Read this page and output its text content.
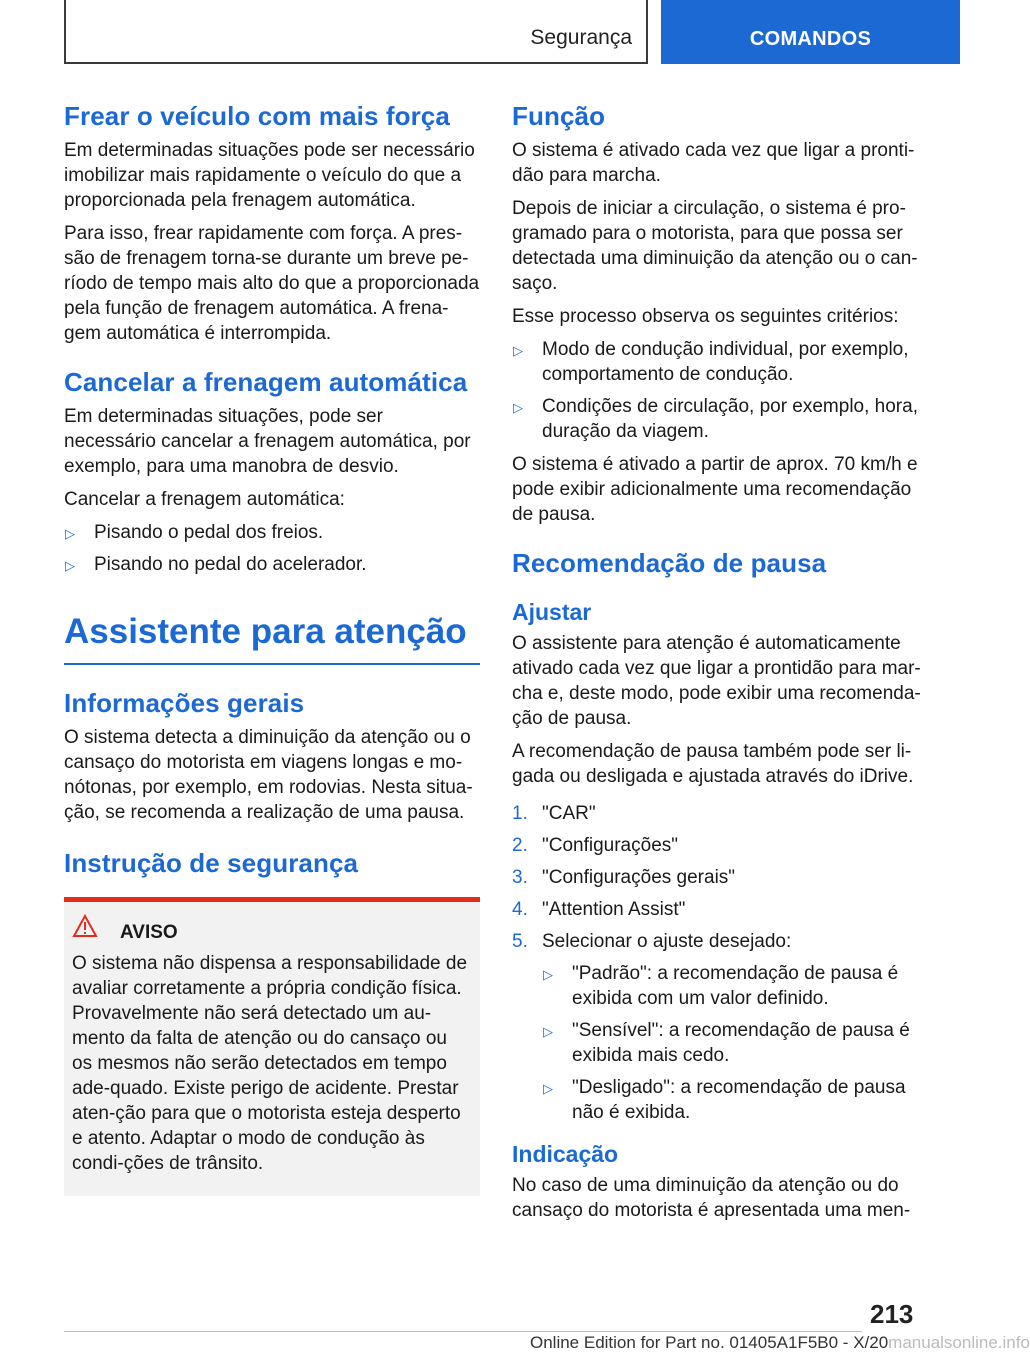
Segurança	COMANDOS
Frear o veículo com mais força

Em determinadas situações pode ser necessário imobilizar mais rapidamente o veículo do que a proporcionada pela frenagem automática.

Para isso, frear rapidamente com força. A pres-são de frenagem torna-se durante um breve pe-ríodo de tempo mais alto do que a proporcionada pela função de frenagem automática. A frena-gem automática é interrompida.

Cancelar a frenagem automática

Em determinadas situações, pode ser necessário cancelar a frenagem automática, por exemplo, para uma manobra de desvio.

Cancelar a frenagem automática:

▷ Pisando o pedal dos freios.
▷ Pisando no pedal do acelerador.
Assistente para atenção
Informações gerais

O sistema detecta a diminuição da atenção ou o cansaço do motorista em viagens longas e mo-nótonas, por exemplo, em rodovias. Nesta situa-ção, se recomenda a realização de uma pausa.

Instrução de segurança
AVISO

O sistema não dispensa a responsabilidade de avaliar corretamente a própria condição física. Provavelmente não será detectado um au-mento da falta de atenção ou do cansaço ou os mesmos não serão detectados em tempo ade-quado. Existe perigo de acidente. Prestar aten-ção para que o motorista esteja desperto e atento. Adaptar o modo de condução às condi-ções de trânsito.

Função

O sistema é ativado cada vez que ligar a pronti-dão para marcha.

Depois de iniciar a circulação, o sistema é pro-gramado para o motorista, para que possa ser detectada uma diminuição da atenção ou o can-saço.

Esse processo observa os seguintes critérios:

▷ Modo de condução individual, por exemplo, comportamento de condução.
▷ Condições de circulação, por exemplo, hora, duração da viagem.

O sistema é ativado a partir de aprox. 70 km/h e pode exibir adicionalmente uma recomendação de pausa.

Recomendação de pausa
Ajustar

O assistente para atenção é automaticamente ativado cada vez que ligar a prontidão para mar-cha e, deste modo, pode exibir uma recomenda-ção de pausa.

A recomendação de pausa também pode ser li-gada ou desligada e ajustada através do iDrive.

1. "CAR"
2. "Configurações"
3. "Configurações gerais"
4. "Attention Assist"
5. Selecionar o ajuste desejado:
▷ "Padrão": a recomendação de pausa é exibida com um valor definido.
▷ "Sensível": a recomendação de pausa é exibida mais cedo.
▷ "Desligado": a recomendação de pausa não é exibida.
Indicação

No caso de uma diminuição da atenção ou do cansaço do motorista é apresentada uma men-

213
Online Edition for Part no. 01405A1F5B0 - X/20manualsonline.info
